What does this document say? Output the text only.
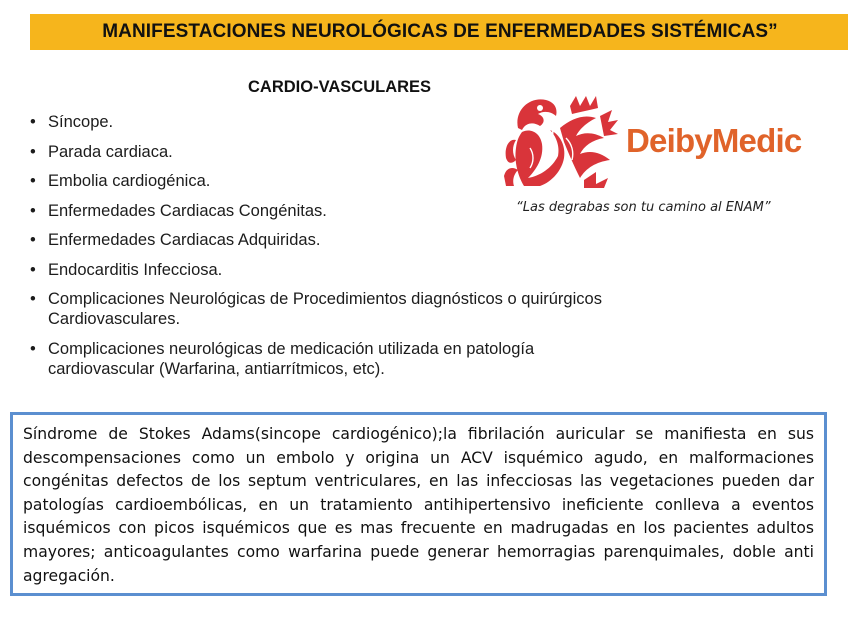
MANIFESTACIONES NEUROLÓGICAS DE ENFERMEDADES SISTÉMICAS”
CARDIO-VASCULARES
• Síncope.
• Parada cardiaca.
• Embolia cardiogénica.
• Enfermedades Cardiacas Congénitas.
• Enfermedades Cardiacas Adquiridas.
• Endocarditis Infecciosa.
• Complicaciones Neurológicas de Procedimientos diagnósticos o quirúrgicos Cardiovasculares.
• Complicaciones neurológicas de medicación utilizada en patología cardiovascular (Warfarina, antiarrítmicos, etc).
DeibyMedic
“Las degrabas son tu camino al ENAM”

Síndrome de Stokes Adams(sincope cardiogénico);la fibrilación auricular se manifiesta en sus descompensaciones como un embolo y origina un ACV isquémico agudo, en malformaciones congénitas defectos de los septum ventriculares, en las infecciosas las vegetaciones pueden dar patologías cardioembólicas, en un tratamiento antihipertensivo ineficiente conlleva a eventos isquémicos con picos isquémicos que es mas frecuente en madrugadas en los pacientes adultos mayores; anticoagulantes como warfarina puede generar hemorragias parenquimales, doble anti agregación.
